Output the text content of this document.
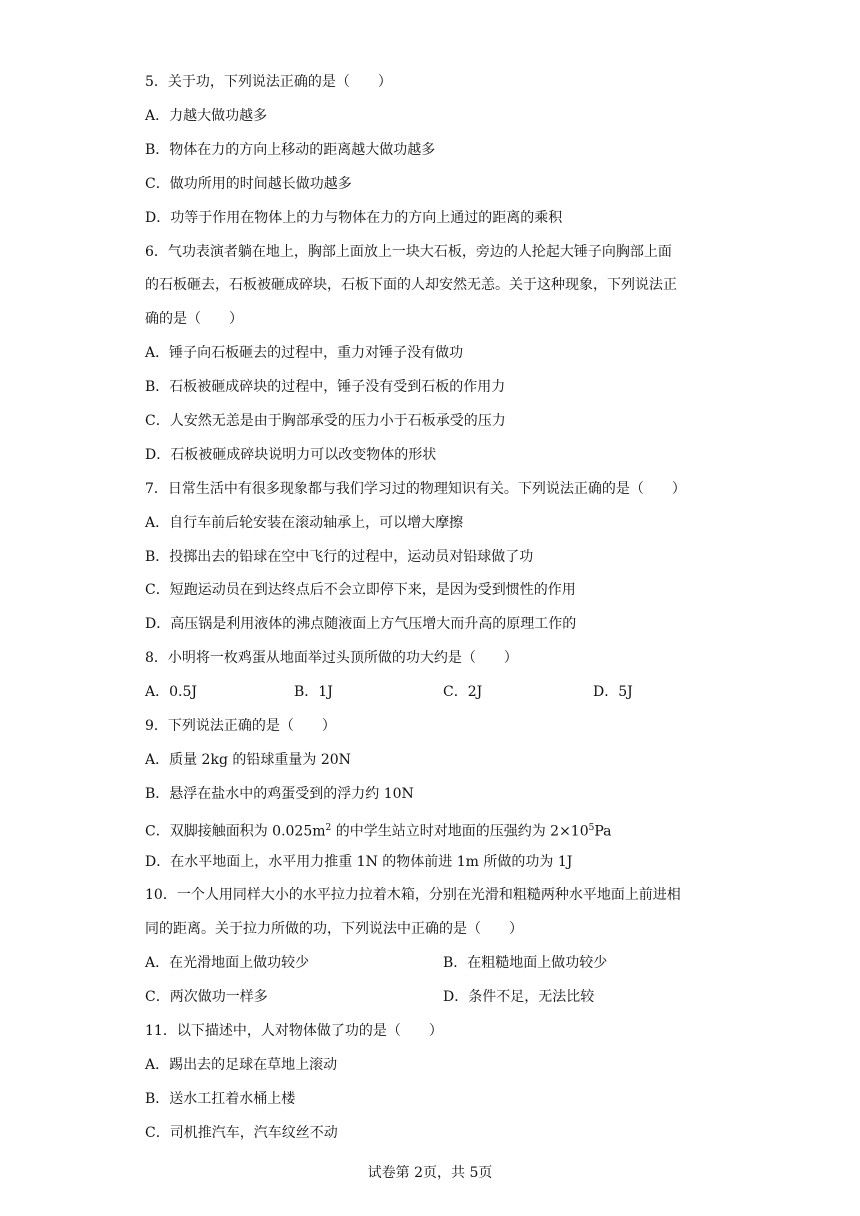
5．关于功，下列说法正确的是（　　）
A．力越大做功越多
B．物体在力的方向上移动的距离越大做功越多
C．做功所用的时间越长做功越多
D．功等于作用在物体上的力与物体在力的方向上通过的距离的乘积
6．气功表演者躺在地上，胸部上面放上一块大石板，旁边的人抡起大锤子向胸部上面
的石板砸去，石板被砸成碎块，石板下面的人却安然无恙。关于这种现象，下列说法正
确的是（　　）
A．锤子向石板砸去的过程中，重力对锤子没有做功
B．石板被砸成碎块的过程中，锤子没有受到石板的作用力
C．人安然无恙是由于胸部承受的压力小于石板承受的压力
D．石板被砸成碎块说明力可以改变物体的形状
7．日常生活中有很多现象都与我们学习过的物理知识有关。下列说法正确的是（　　）
A．自行车前后轮安装在滚动轴承上，可以增大摩擦
B．投掷出去的铅球在空中飞行的过程中，运动员对铅球做了功
C．短跑运动员在到达终点后不会立即停下来，是因为受到惯性的作用
D．高压锅是利用液体的沸点随液面上方气压增大而升高的原理工作的
8．小明将一枚鸡蛋从地面举过头顶所做的功大约是（　　）
A．0.5J	B．1J	C．2J	D．5J
9．下列说法正确的是（　　）
A．质量 2kg 的铅球重量为 20N
B．悬浮在盐水中的鸡蛋受到的浮力约 10N
C．双脚接触面积为 $0.025m^2$ 的中学生站立时对地面的压强约为 $2\times 10^5Pa$
D．在水平地面上，水平用力推重 1N 的物体前进 1m 所做的功为 1J
10．一个人用同样大小的水平拉力拉着木箱，分别在光滑和粗糙两种水平地面上前进相
同的距离。关于拉力所做的功，下列说法中正确的是（　　）
A．在光滑地面上做功较少	B．在粗糙地面上做功较少
C．两次做功一样多	D．条件不足，无法比较
11．以下描述中，人对物体做了功的是（　　）
A．踢出去的足球在草地上滚动
B．送水工扛着水桶上楼
C．司机推汽车，汽车纹丝不动
试卷第 2页，共 5页
